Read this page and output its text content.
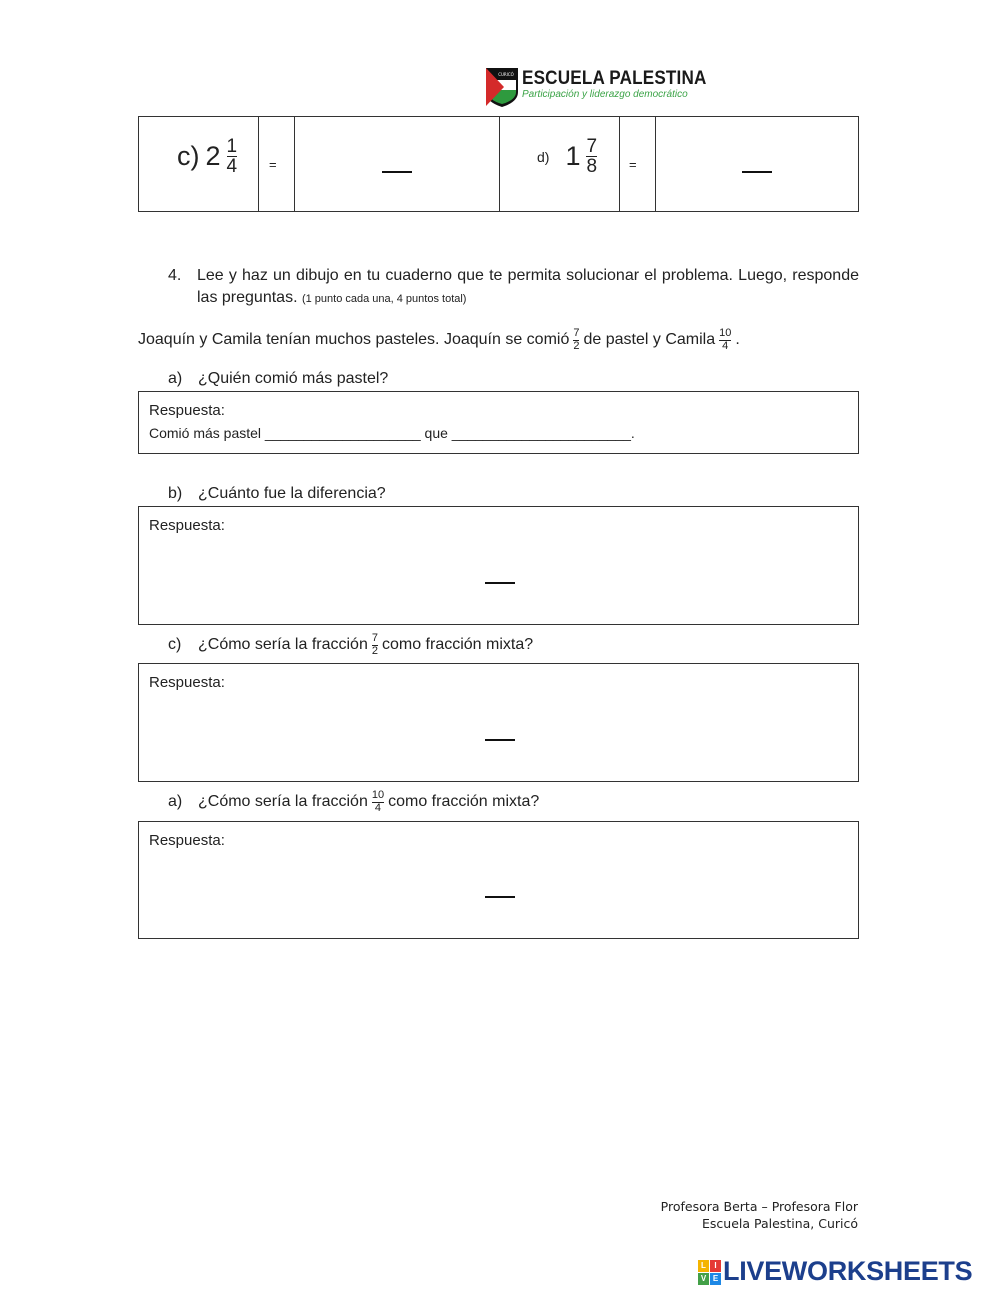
CURICÓ ESCUELA PALESTINA
Participación y liderazgo democrático
c) $2 \frac{1}{4}$ =	d) $1 \frac{7}{8}$ =
4. Lee y haz un dibujo en tu cuaderno que te permita solucionar el problema. Luego, responde las preguntas. (1 punto cada una, 4 puntos total)
Joaquín y Camila tenían muchos pasteles. Joaquín se comió 7
2 de pastel y Camila 10
4 .
a) ¿Quién comió más pastel?
Respuesta:
Comió más pastel ____________________ que _______________________.
b) ¿Cuánto fue la diferencia?
Respuesta:
c)	¿Cómo sería la fracción 7
2 como fracción mixta?
Respuesta:
a) ¿Cómo sería la fracción 10
4 como fracción mixta?
Respuesta:
Profesora Berta – Profesora Flor
Escuela Palestina, Curicó
L	I
V E LIVEWORKSHEETS
